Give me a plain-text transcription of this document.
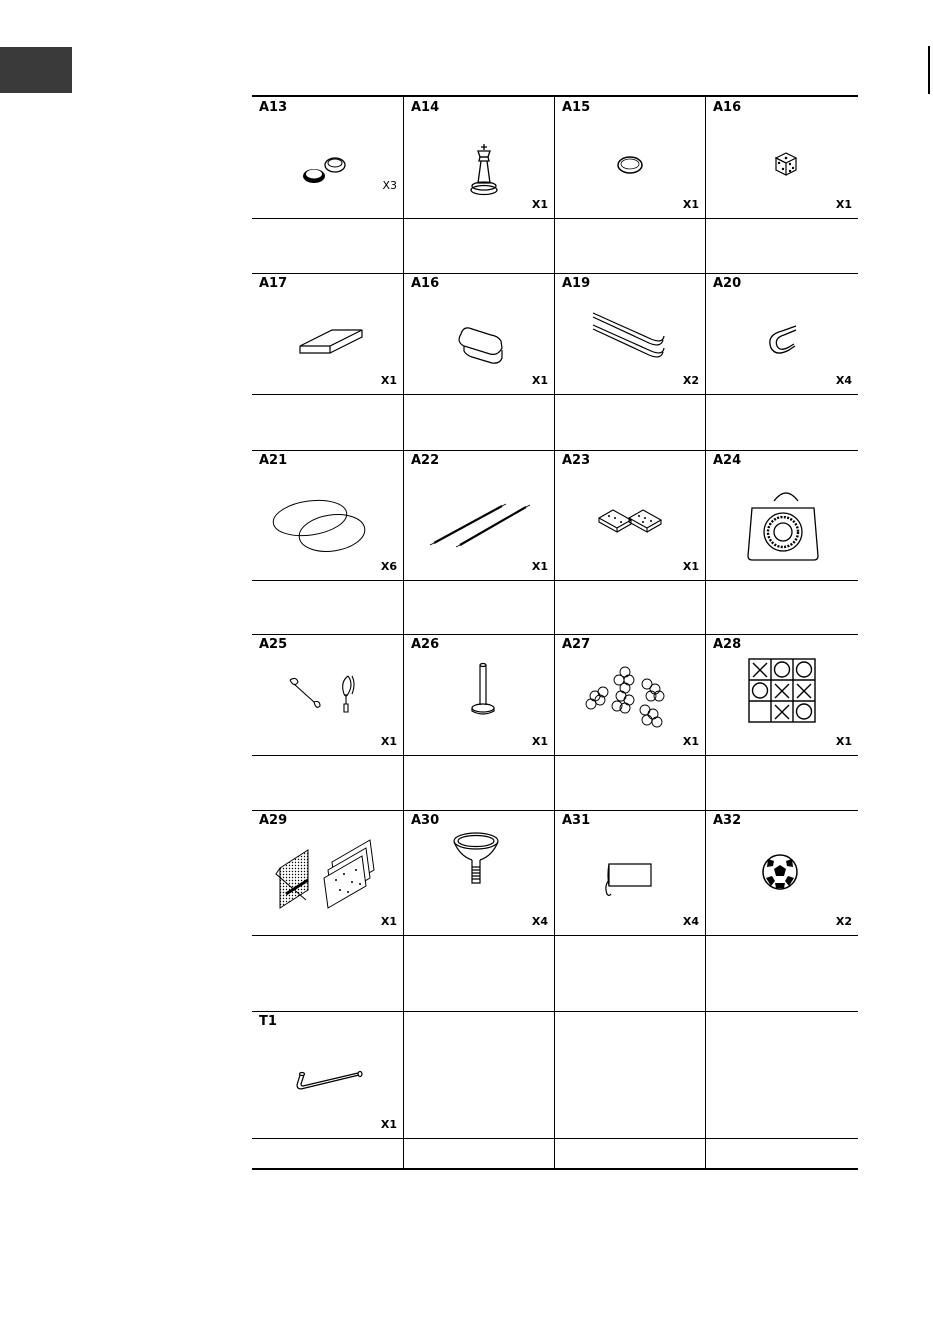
A13
X3
A14
X1
A15
X1
A16
X1
A17
X1
A16
X1
A19
X2
A20
X4
A21
X6
A22
X1
A23
X1
A24
A25
X1
A26
X1
A27
X1
A28
X1
A29
X1
A30
X4
A31
X4
A32
X2
T1
X1
